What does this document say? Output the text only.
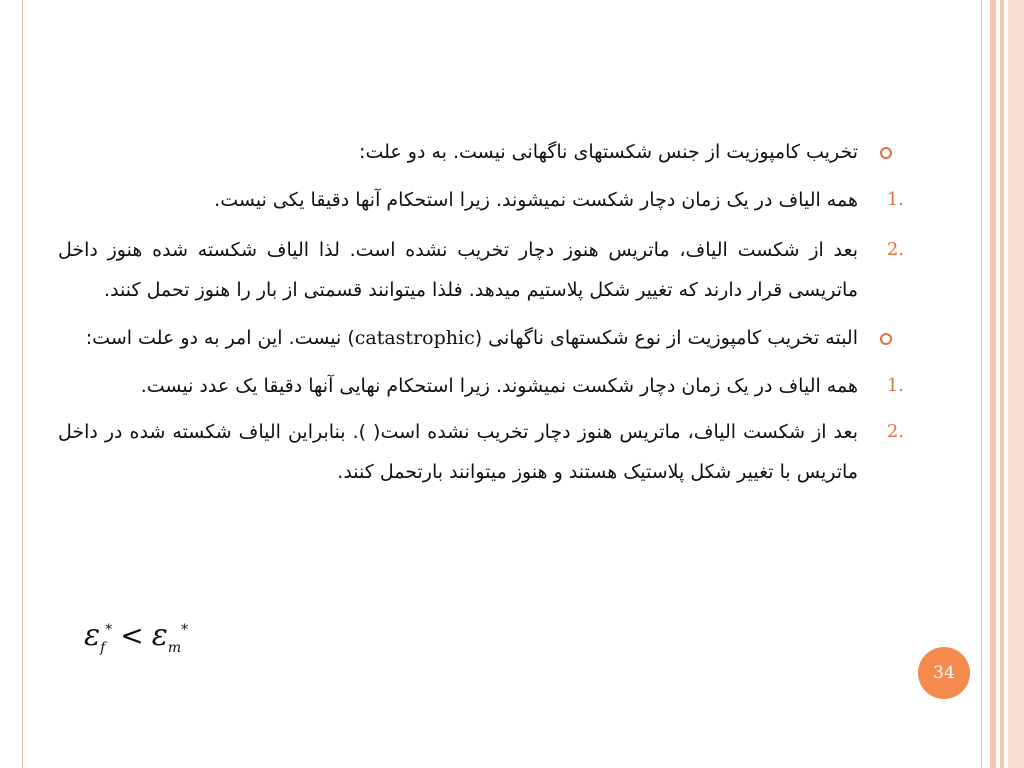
تخریب کامپوزیت از جنس شکستهای ناگهانی نیست. به دو علت:

1.
همه الیاف در یک زمان دچار شکست نمیشوند. زیرا استحکام آنها دقیقا یکی نیست.

2.
بعد از شکست الیاف، ماتریس هنوز دچار تخریب نشده است. لذا الیاف شکسته شده هنوز داخل ماتریسی قرار دارند که تغییر شکل پلاستیم میدهد. فلذا میتوانند قسمتی از بار را هنوز تحمل کنند.

البته تخریب کامپوزیت از نوع شکستهای ناگهانی (catastrophic) نیست. این امر به دو علت است:

1.
همه الیاف در یک زمان دچار شکست نمیشوند. زیرا استحکام نهایی آنها دقیقا یک عدد نیست.

2.
بعد از شکست الیاف، ماتریس هنوز دچار تخریب نشده است( ). بنابراین الیاف شکسته شده در داخل ماتریس با تغییر شکل پلاستیک هستند و هنوز میتوانند بارتحمل کنند.

$\varepsilon_f^* < \varepsilon_m^*$
34
